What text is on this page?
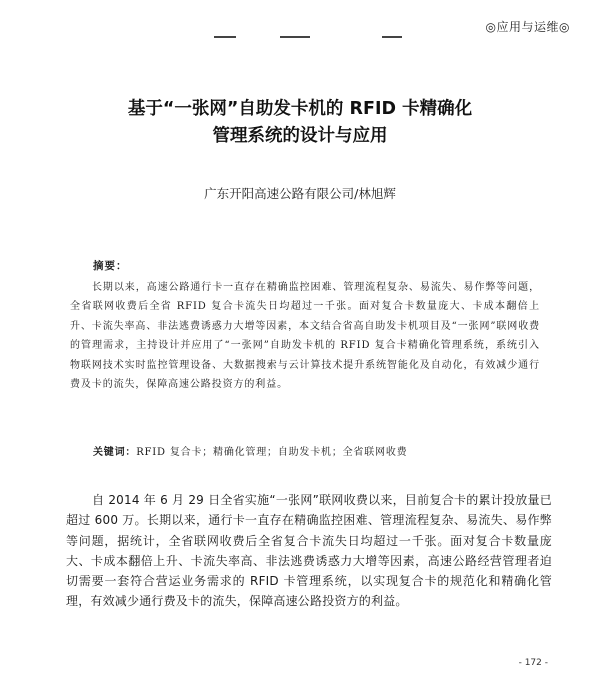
◎应用与运维◎
基于“一张网”自助发卡机的 RFID 卡精确化
管理系统的设计与应用
广东开阳高速公路有限公司/林旭辉
摘要：

长期以来，高速公路通行卡一直存在精确监控困难、管理流程复杂、易流失、易作弊等问题，全省联网收费后全省 RFID 复合卡流失日均超过一千张。面对复合卡数量庞大、卡成本翻倍上升、卡流失率高、非法逃费诱惑力大增等因素，本文结合省高自助发卡机项目及“一张网”联网收费的管理需求，主持设计并应用了“一张网”自助发卡机的 RFID 复合卡精确化管理系统，系统引入物联网技术实时监控管理设备、大数据搜索与云计算技术提升系统智能化及自动化，有效减少通行费及卡的流失，保障高速公路投资方的利益。

关键词：RFID 复合卡；精确化管理；自助发卡机；全省联网收费

自 2014 年 6 月 29 日全省实施“一张网”联网收费以来，目前复合卡的累计投放量已超过 600 万。长期以来，通行卡一直存在精确监控困难、管理流程复杂、易流失、易作弊等问题，据统计，全省联网收费后全省复合卡流失日均超过一千张。面对复合卡数量庞大、卡成本翻倍上升、卡流失率高、非法逃费诱惑力大增等因素，高速公路经营管理者迫切需要一套符合营运业务需求的 RFID 卡管理系统，以实现复合卡的规范化和精确化管理，有效减少通行费及卡的流失，保障高速公路投资方的利益。

- 172 -
